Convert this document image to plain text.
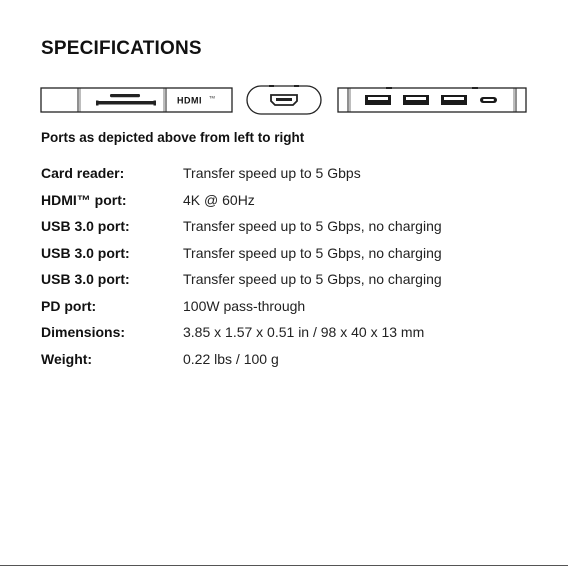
SPECIFICATIONS
HDMI TM
Ports as depicted above from left to right
Card reader:	Transfer speed up to 5 Gbps
HDMI™ port:	4K @ 60Hz
USB 3.0 port:	Transfer speed up to 5 Gbps, no charging
USB 3.0 port:	Transfer speed up to 5 Gbps, no charging
USB 3.0 port:	Transfer speed up to 5 Gbps, no charging
PD port:	100W pass-through
Dimensions:	3.85 x 1.57 x 0.51 in / 98 x 40 x 13 mm
Weight:	0.22 lbs / 100 g
